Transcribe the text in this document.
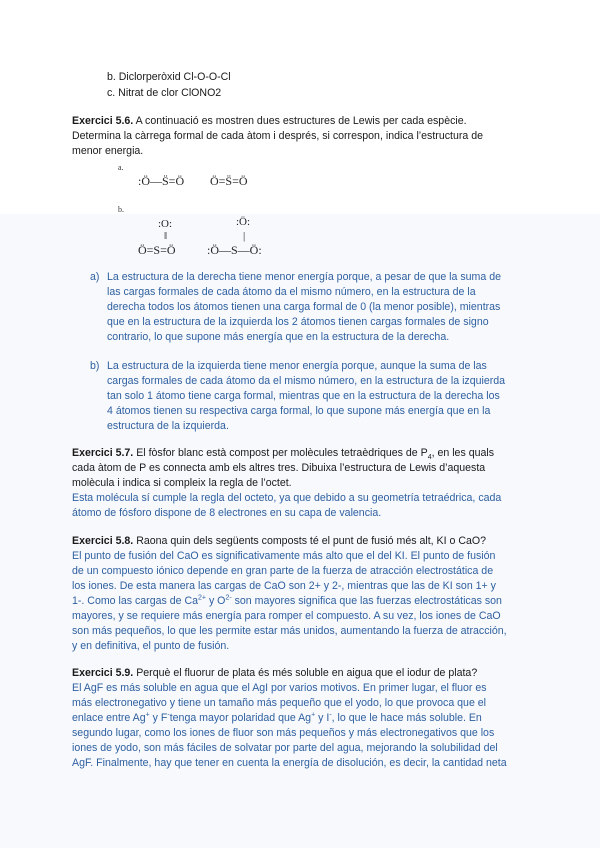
b. Diclorperòxid Cl-O-O-Cl
c. Nitrat de clor ClONO2
Exercici 5.6. A continuació es mostren dues estructures de Lewis per cada espècie.
Determina la càrrega formal de cada àtom i després, si correspon, indica l’estructura de
menor energia.
a.
:Ö—S̈=Ö Ö=S̈=Ö
b.
:O:
‖
Ö=S=Ö
:Ö:
|
:Ö—S—Ö:
a) La estructura de la derecha tiene menor energía porque, a pesar de que la suma de
las cargas formales de cada átomo da el mismo número, en la estructura de la
derecha todos los átomos tienen una carga formal de 0 (la menor posible), mientras
que en la estructura de la izquierda los 2 átomos tienen cargas formales de signo
contrario, lo que supone más energía que en la estructura de la derecha.
b) La estructura de la izquierda tiene menor energía porque, aunque la suma de las
cargas formales de cada átomo da el mismo número, en la estructura de la izquierda
tan solo 1 átomo tiene carga formal, mientras que en la estructura de la derecha los
4 átomos tienen su respectiva carga formal, lo que supone más energía que en la
estructura de la izquierda.
Exercici 5.7. El fòsfor blanc està compost per molècules tetraèdriques de $P_4$, en les quals
cada àtom de P es connecta amb els altres tres. Dibuixa l’estructura de Lewis d’aquesta
molècula i indica si compleix la regla de l’octet.
Esta molécula sí cumple la regla del octeto, ya que debido a su geometría tetraédrica, cada
átomo de fósforo dispone de 8 electrones en su capa de valencia.
Exercici 5.8. Raona quin dels següents composts té el punt de fusió més alt, KI o CaO?
El punto de fusión del CaO es significativamente más alto que el del KI. El punto de fusión
de un compuesto iónico depende en gran parte de la fuerza de atracción electrostática de
los iones. De esta manera las cargas de CaO son 2+ y 2-, mientras que las de KI son 1+ y
1-. Como las cargas de $Ca^{2+}$ y $O^{2-}$ son mayores significa que las fuerzas electrostáticas son
mayores, y se requiere más energía para romper el compuesto. A su vez, los iones de CaO
son más pequeños, lo que les permite estar más unidos, aumentando la fuerza de atracción,
y en definitiva, el punto de fusión.
Exercici 5.9. Perquè el fluorur de plata és més soluble en aigua que el iodur de plata?
El AgF es más soluble en agua que el AgI por varios motivos. En primer lugar, el fluor es
más electronegativo y tiene un tamaño más pequeño que el yodo, lo que provoca que el
enlace entre Ag+ y F-tenga mayor polaridad que Ag+ y I-, lo que le hace más soluble. En
segundo lugar, como los iones de fluor son más pequeños y más electronegativos que los
iones de yodo, son más fáciles de solvatar por parte del agua, mejorando la solubilidad del
AgF. Finalmente, hay que tener en cuenta la energía de disolución, es decir, la cantidad neta
